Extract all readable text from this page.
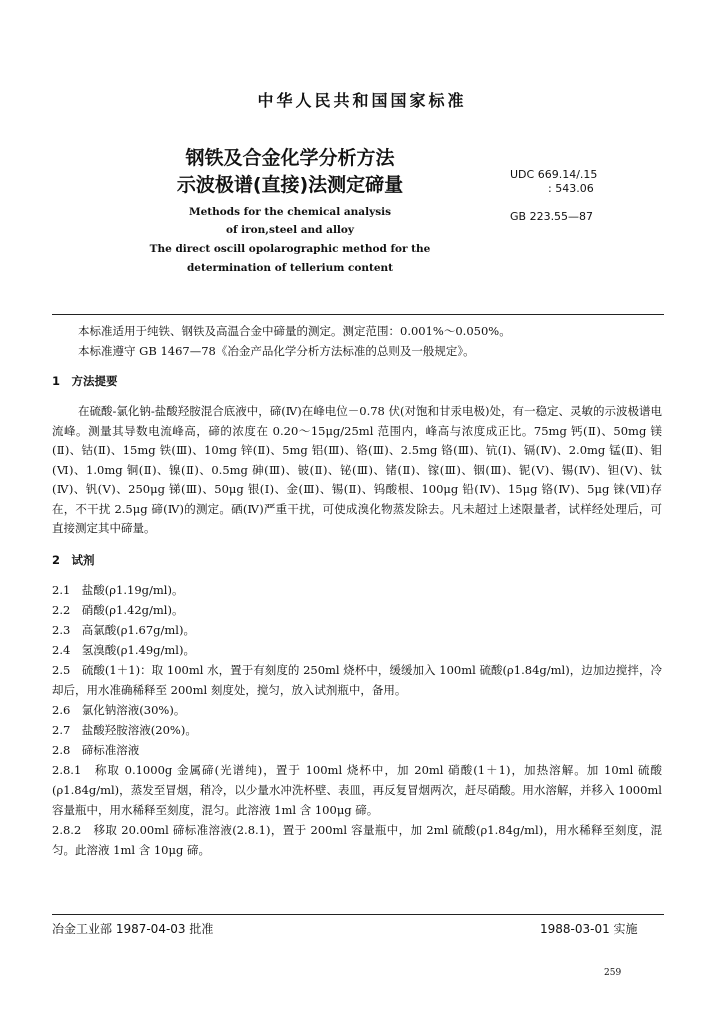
中华人民共和国国家标准
钢铁及合金化学分析方法
示波极谱(直接)法测定碲量	UDC 669.14/.15
: 543.06
GB 223.55—87
Methods for the chemical analysis
of iron,steel and alloy
The direct oscill opolarographic method for the
determination of tellerium content
本标准适用于纯铁、钢铁及高温合金中碲量的测定。测定范围：0.001%～0.050%。
本标准遵守 GB 1467—78《冶金产品化学分析方法标准的总则及一般规定》。
1　方法提要
在硫酸-氯化钠-盐酸羟胺混合底液中，碲(Ⅳ)在峰电位－0.78 伏(对饱和甘汞电极)处，有一稳定、灵敏的示波极谱电流峰。测量其导数电流峰高，碲的浓度在 0.20～15μg/25ml 范围内，峰高与浓度成正比。75mg 钙(Ⅱ)、50mg 镁(Ⅱ)、钴(Ⅱ)、15mg 铁(Ⅲ)、10mg 锌(Ⅱ)、5mg 铝(Ⅲ)、铬(Ⅲ)、2.5mg 铬(Ⅲ)、钪(Ⅰ)、镉(Ⅳ)、2.0mg 锰(Ⅱ)、钼(Ⅵ)、1.0mg 铜(Ⅱ)、镍(Ⅱ)、0.5mg 砷(Ⅲ)、铍(Ⅱ)、铋(Ⅲ)、锗(Ⅱ)、镓(Ⅲ)、铟(Ⅲ)、铌(Ⅴ)、锡(Ⅳ)、钽(Ⅴ)、钛(Ⅳ)、钒(Ⅴ)、250μg 锑(Ⅲ)、50μg 银(Ⅰ)、金(Ⅲ)、锡(Ⅱ)、钨酸根、100μg 铅(Ⅳ)、15μg 铬(Ⅳ)、5μg 铼(Ⅶ)存在，不干扰 2.5μg 碲(Ⅳ)的测定。硒(Ⅳ)严重干扰，可使成溴化物蒸发除去。凡未超过上述限量者，试样经处理后，可直接测定其中碲量。
2　试剂
2.1　盐酸(ρ1.19g/ml)。
2.2　硝酸(ρ1.42g/ml)。
2.3　高氯酸(ρ1.67g/ml)。
2.4　氢溴酸(ρ1.49g/ml)。
2.5　硫酸(1＋1)：取 100ml 水，置于有刻度的 250ml 烧杯中，缓缓加入 100ml 硫酸(ρ1.84g/ml)，边加边搅拌，冷却后，用水准确稀释至 200ml 刻度处，搅匀，放入试剂瓶中，备用。
2.6　氯化钠溶液(30%)。
2.7　盐酸羟胺溶液(20%)。
2.8　碲标准溶液
2.8.1　称取 0.1000g 金属碲(光谱纯)，置于 100ml 烧杯中，加 20ml 硝酸(1＋1)，加热溶解。加 10ml 硫酸(ρ1.84g/ml)，蒸发至冒烟，稍冷，以少量水冲洗杯壁、表皿，再反复冒烟两次，赶尽硝酸。用水溶解，并移入 1000ml 容量瓶中，用水稀释至刻度，混匀。此溶液 1ml 含 100μg 碲。
2.8.2　移取 20.00ml 碲标准溶液(2.8.1)，置于 200ml 容量瓶中，加 2ml 硫酸(ρ1.84g/ml)，用水稀释至刻度，混匀。此溶液 1ml 含 10μg 碲。
冶金工业部 1987-04-03 批准	1988-03-01 实施
259
